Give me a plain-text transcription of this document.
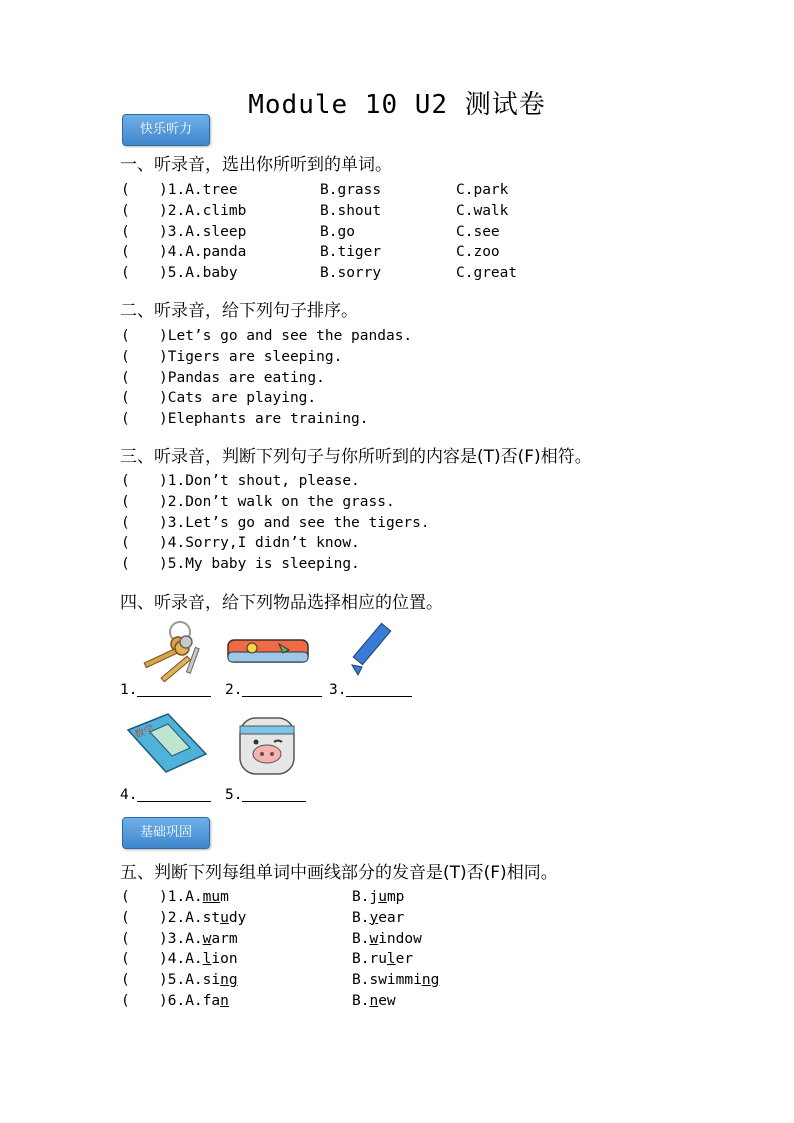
Module 10 U2 测试卷
快乐听力
一、听录音，选出你所听到的单词。
( )1.A.tree	B.grass	C.park
( )2.A.climb	B.shout	C.walk
( )3.A.sleep	B.go	C.see
( )4.A.panda	B.tiger	C.zoo
( )5.A.baby	B.sorry	C.great
二、听录音，给下列句子排序。
( )Let’s go and see the pandas.
( )Tigers are sleeping.
( )Pandas are eating.
( )Cats are playing.
( )Elephants are training.
三、听录音，判断下列句子与你所听到的内容是(T)否(F)相符。
( )1.Don’t shout, please.
( )2.Don’t walk on the grass.
( )3.Let’s go and see the tigers.
( )4.Sorry,I didn’t know.
( )5.My baby is sleeping.
四、听录音，给下列物品选择相应的位置。
1.	2.	3.
4.	5.
数学
基础巩固
五、判断下列每组单词中画线部分的发音是(T)否(F)相同。
( )1.A.mum	B.jump
( )2.A.study	B.year
( )3.A.warm	B.window
( )4.A.lion	B.ruler
( )5.A.sing	B.swimming
( )6.A.fan	B.new
